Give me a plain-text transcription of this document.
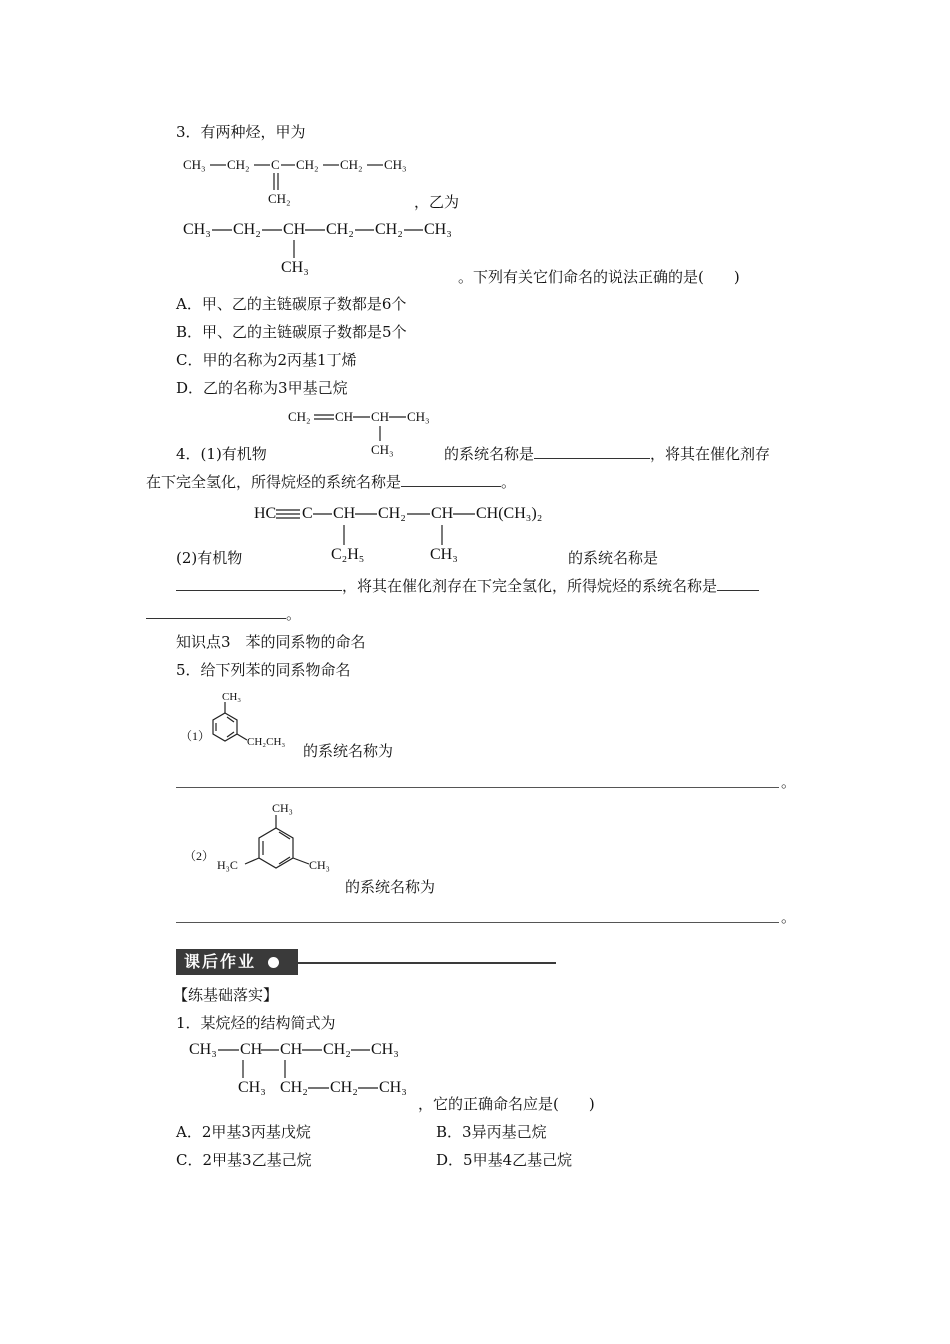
3．有两种烃，甲为
CH₃ CH₂ C CH₂ CH₂ CH₃
CH₂	，乙为
CH₃ CH₂ CH CH₂ CH₂ CH₃
CH₃
。下列有关它们命名的说法正确的是(　　)
A．甲、乙的主链碳原子数都是6个
B．甲、乙的主链碳原子数都是5个
C．甲的名称为2丙基1丁烯
D．乙的名称为3甲基己烷
CH₂ CH CH CH₃
CH₃
4．(1)有机物	的系统名称是	，将其在催化剂存
在下完全氢化，所得烷烃的系统名称是	。
HC C CH CH₂ CH CH(CH₃)₂
C₂H₅	CH₃
(2)有机物	的系统名称是
，将其在催化剂存在下完全氢化，所得烷烃的系统名称是
。
知识点3　苯的同系物的命名
5．给下列苯的同系物命名
（1）
CH₃
CH₂CH₃ 的系统名称为
。
（2）
CH₃
H₃C	CH₃
的系统名称为
。
课后作业
【练基础落实】
1．某烷烃的结构简式为
CH₃ CH CH CH₂ CH₃
CH₃ CH₂ CH₂ CH₃
，它的正确命名应是(　　)
A．2甲基3丙基戊烷	B．3异丙基己烷
C．2甲基3乙基己烷	D．5甲基4乙基己烷
